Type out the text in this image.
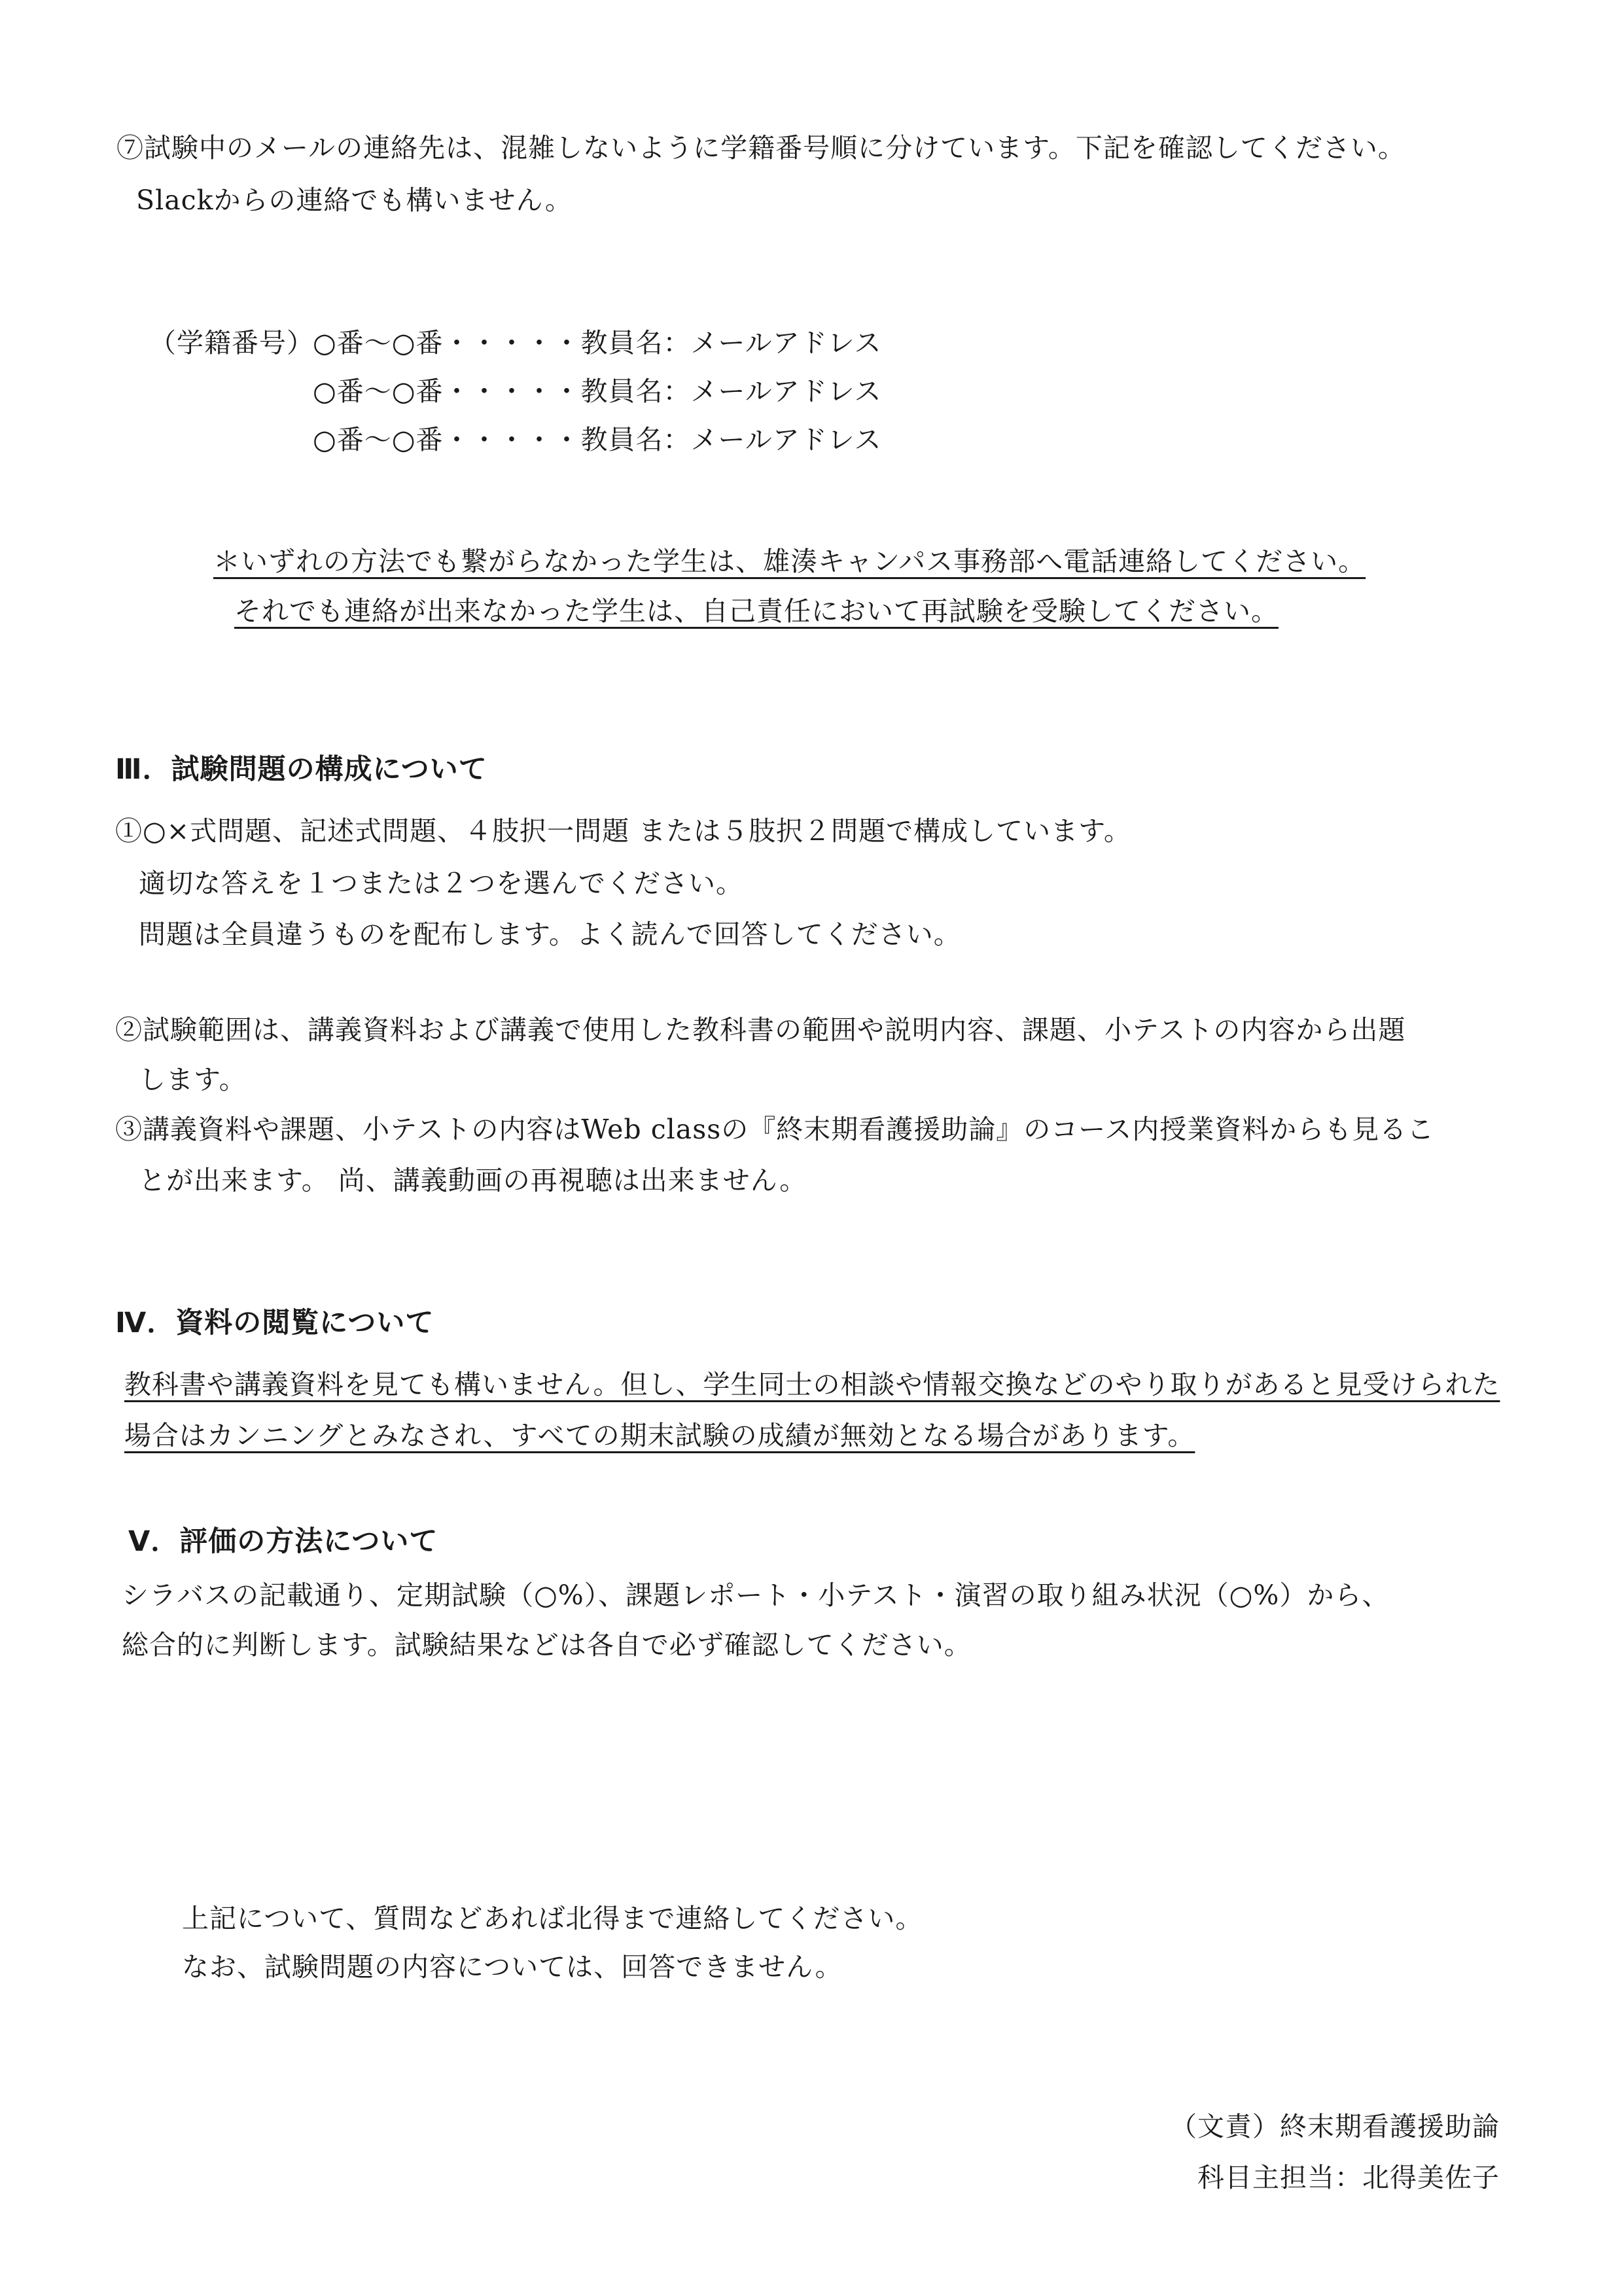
⑦試験中のメールの連絡先は、混雑しないように学籍番号順に分けています。下記を確認してください。
Slackからの連絡でも構いません。
（学籍番号）
○番～○番・・・・・教員名：メールアドレス
○番～○番・・・・・教員名：メールアドレス
○番～○番・・・・・教員名：メールアドレス
＊いずれの方法でも繋がらなかった学生は、雄湊キャンパス事務部へ電話連絡してください。
それでも連絡が出来なかった学生は、自己責任において再試験を受験してください。
Ⅲ．試験問題の構成について
①○×式問題、記述式問題、４肢択一問題 または５肢択２問題で構成しています。
適切な答えを１つまたは２つを選んでください。
問題は全員違うものを配布します。よく読んで回答してください。
②試験範囲は、講義資料および講義で使用した教科書の範囲や説明内容、課題、小テストの内容から出題
します。
③講義資料や課題、小テストの内容はWeb classの『終末期看護援助論』のコース内授業資料からも見るこ
とが出来ます。 尚、講義動画の再視聴は出来ません。
Ⅳ．資料の閲覧について
教科書や講義資料を見ても構いません。但し、学生同士の相談や情報交換などのやり取りがあると見受けられた
場合はカンニングとみなされ、すべての期末試験の成績が無効となる場合があります。
Ⅴ．評価の方法について
シラバスの記載通り、定期試験（○%）、課題レポート・小テスト・演習の取り組み状況（○%）から、
総合的に判断します。試験結果などは各自で必ず確認してください。
上記について、質問などあれば北得まで連絡してください。
なお、試験問題の内容については、回答できません。
（文責）終末期看護援助論
科目主担当：北得美佐子
